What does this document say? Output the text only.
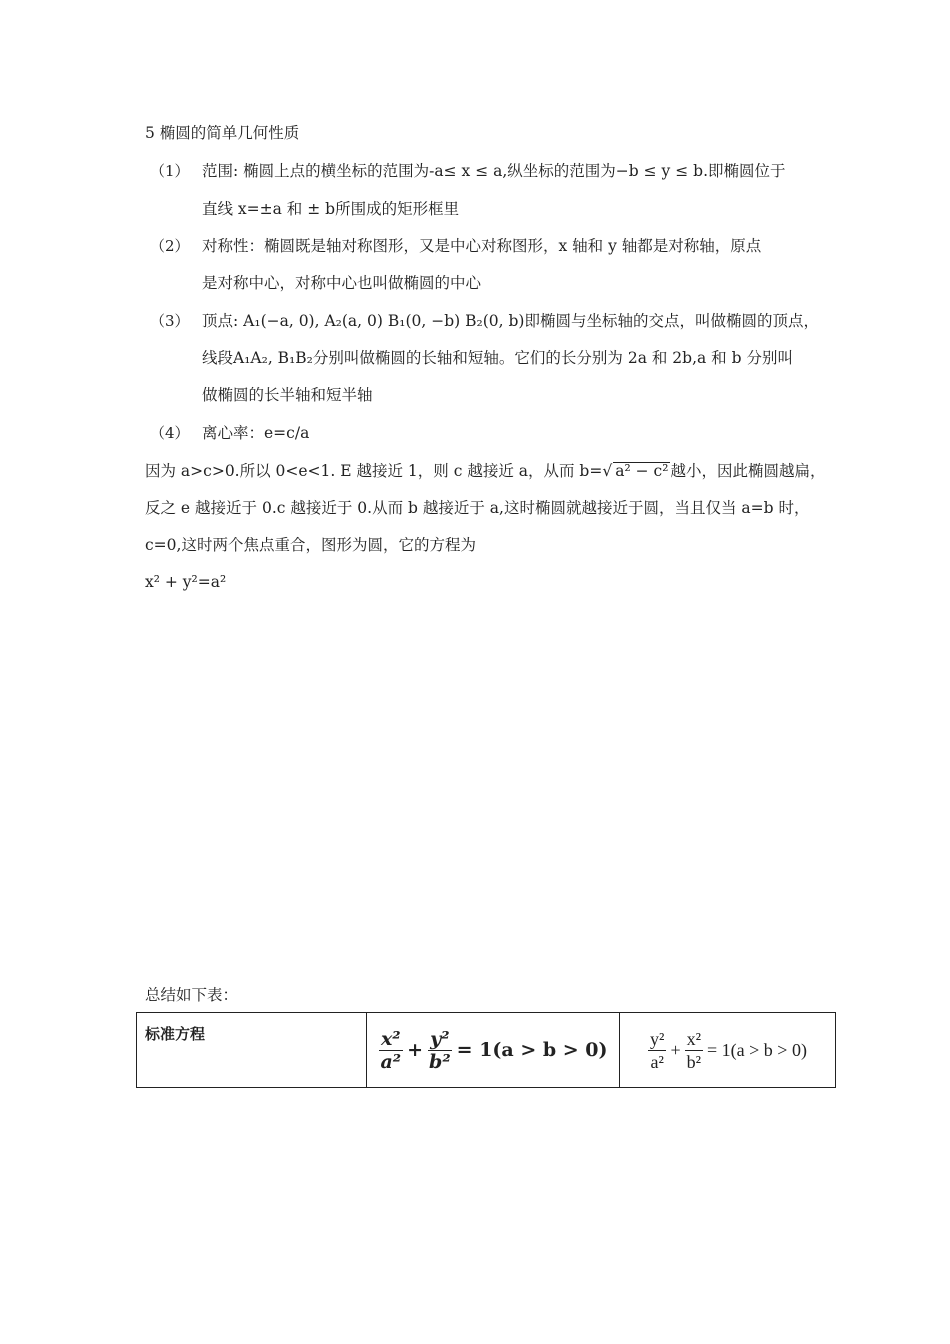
5 椭圆的简单几何性质
（1） 范围: 椭圆上点的横坐标的范围为-a≤ x ≤ a,纵坐标的范围为−b ≤ y ≤ b.即椭圆位于
直线 x=±a 和 ± b所围成的矩形框里
（2） 对称性：椭圆既是轴对称图形，又是中心对称图形，x 轴和 y 轴都是对称轴，原点
是对称中心，对称中心也叫做椭圆的中心
（3） 顶点: A₁(−a, 0), A₂(a, 0) B₁(0, −b) B₂(0, b)即椭圆与坐标轴的交点，叫做椭圆的顶点，
线段A₁A₂, B₁B₂分别叫做椭圆的长轴和短轴。它们的长分别为 2a 和 2b,a 和 b 分别叫
做椭圆的长半轴和短半轴
（4） 离心率：e=c/a
因为 a>c>0.所以 0<e<1. E 越接近 1，则 c 越接近 a，从而 b=√ a² − c² 越小，因此椭圆越扁，
反之 e 越接近于 0.c 越接近于 0.从而 b 越接近于 a,这时椭圆就越接近于圆，当且仅当 a=b 时，
c=0,这时两个焦点重合，图形为圆，它的方程为
x² + y²=a²
总结如下表：
标准方程	$\frac{\text{x²}}{\text{a²}} + \frac{\text{y²}}{\text{b²}} = 1(a > b > 0)$	$\frac{\text{y²}}{\text{a²}} + \frac{\text{x²}}{\text{b²}} = 1(a > b > 0)$
